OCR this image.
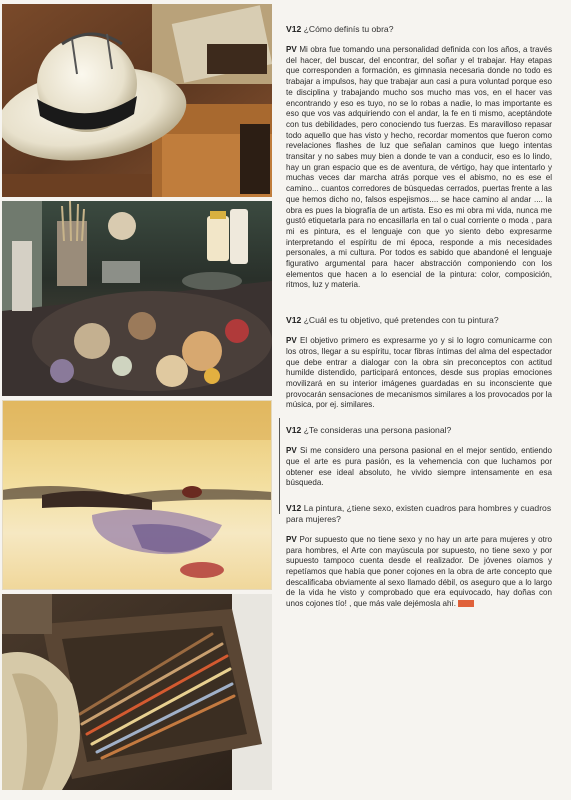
V12 ¿Cómo definís tu obra?

PV Mi obra fue tomando una personalidad definida con los años, a través del hacer, del buscar, del encontrar, del soñar y el trabajar. Hay etapas que corresponden a formación, es gimnasia necesaria donde no todo es trabajar a impulsos, hay que trabajar aun casi a pura voluntad porque eso te disciplina y trabajando mucho sos mucho mas vos, en el hacer vas encontrando y eso es tuyo, no se lo robas a nadie, lo mas importante es eso que vos vas adquiriendo con el andar, la fe en ti mismo, aceptándote con tus debilidades, pero conociendo tus fuerzas. Es maravilloso repasar todo aquello que has visto y hecho, recordar momentos que fueron como revelaciones flashes de luz que señalan caminos que luego intentas transitar y no sabes muy bien a donde te van a conducir, eso es lo lindo, hay un gran espacio que es de aventura, de vértigo, hay que intentarlo y muchas veces dar marcha atrás porque ves el abismo, no es ese el camino... cuantos corredores de búsquedas cerrados, puertas frente a las que hemos dicho no, falsos espejismos.... se hace camino al andar .... la obra es pues la biografía de un artista. Eso es mi obra mi vida, nunca me gustó etiquetarla para no encasillarla en tal o cual corriente o moda , para mi es pintura, es el lenguaje con que yo siento debo expresarme interpretando el espíritu de mi época, responde a mis necesidades personales, a mi cultura. Por todos es sabido que abandoné el lenguaje figurativo argumental para hacer abstracción componiendo con los elementos que hacen a lo esencial de la pintura: color, composición, ritmos, luz y materia.

V12 ¿Cuál es tu objetivo, qué pretendes con tu pintura?

PV El objetivo primero es expresarme yo y si lo logro comunicarme con los otros, llegar a su espíritu, tocar fibras íntimas del alma del espectador que debe entrar a dialogar con la obra sin preconceptos con actitud humilde distendido, participará entonces, desde sus propias emociones movilizará en su interior imágenes guardadas en su inconsciente que provocarán sensaciones de mecanismos similares a los provocados por la música, por ej. similares.

V12 ¿Te consideras una persona pasional?

PV Si me considero una persona pasional en el mejor sentido, entiendo que el arte es pura pasión, es la vehemencia con que luchamos por obtener ese ideal absoluto, he vivido siempre intensamente en esa búsqueda.

V12 La pintura, ¿tiene sexo, existen cuadros para hombres y cuadros para mujeres?

PV Por supuesto que no tiene sexo y no hay un arte para mujeres y otro para hombres, el Arte con mayúscula por supuesto, no tiene sexo y por supuesto tampoco cuenta desde el realizador. De jóvenes oíamos y repetíamos que había que poner cojones en la obra de arte concepto que descalificaba obviamente al sexo llamado débil, os aseguro que a lo largo de la vida he visto y comprobado que era equivocado, hay doñas con unos cojones tío! , que más vale dejémosla ahí.
